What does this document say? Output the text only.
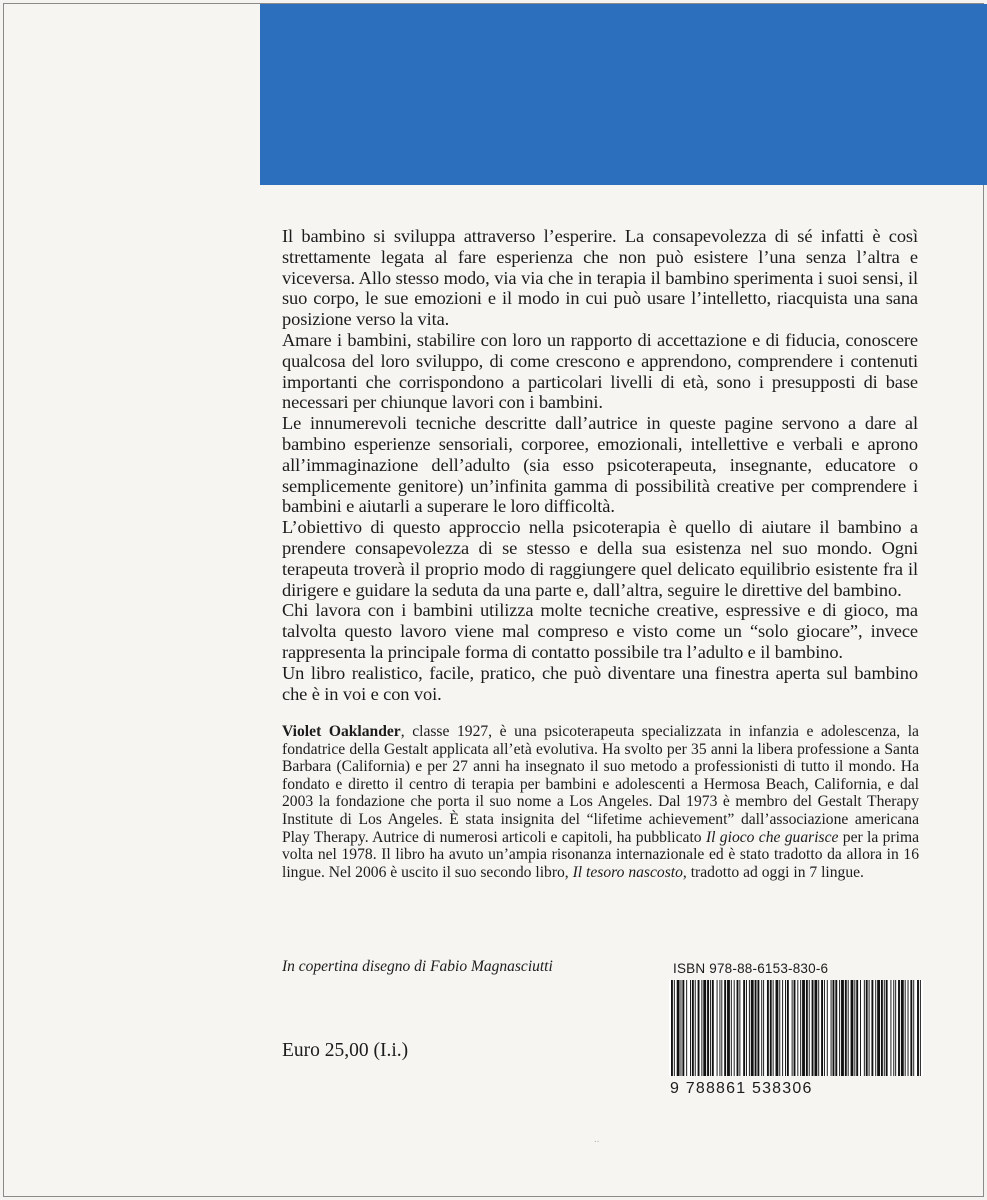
Il bambino si sviluppa attraverso l’esperire. La consapevolezza di sé infatti è così strettamente legata al fare esperienza che non può esistere l’una senza l’altra e viceversa. Allo stesso modo, via via che in terapia il bambino sperimenta i suoi sensi, il suo corpo, le sue emozioni e il modo in cui può usare l’intelletto, riacquista una sana posizione verso la vita.

Amare i bambini, stabilire con loro un rapporto di accettazione e di fiducia, conoscere qualcosa del loro sviluppo, di come crescono e apprendono, comprendere i contenuti importanti che corrispondono a particolari livelli di età, sono i presupposti di base necessari per chiunque lavori con i bambini.

Le innumerevoli tecniche descritte dall’autrice in queste pagine servono a dare al bambino esperienze sensoriali, corporee, emozionali, intellettive e verbali e aprono all’immaginazione dell’adulto (sia esso psicoterapeuta, insegnante, educatore o semplicemente genitore) un’infinita gamma di possibilità creative per comprendere i bambini e aiutarli a superare le loro difficoltà.

L’obiettivo di questo approccio nella psicoterapia è quello di aiutare il bambino a prendere consapevolezza di se stesso e della sua esistenza nel suo mondo. Ogni terapeuta troverà il proprio modo di raggiungere quel delicato equilibrio esistente fra il dirigere e guidare la seduta da una parte e, dall’altra, seguire le direttive del bambino.

Chi lavora con i bambini utilizza molte tecniche creative, espressive e di gioco, ma talvolta questo lavoro viene mal compreso e visto come un “solo giocare”, invece rappresenta la principale forma di contatto possibile tra l’adulto e il bambino.

Un libro realistico, facile, pratico, che può diventare una finestra aperta sul bambino che è in voi e con voi.

Violet Oaklander, classe 1927, è una psicoterapeuta specializzata in infanzia e adolescenza, la fondatrice della Gestalt applicata all’età evolutiva. Ha svolto per 35 anni la libera professione a Santa Barbara (California) e per 27 anni ha insegnato il suo metodo a professionisti di tutto il mondo. Ha fondato e diretto il centro di terapia per bambini e adolescenti a Hermosa Beach, California, e dal 2003 la fondazione che porta il suo nome a Los Angeles. Dal 1973 è membro del Gestalt Therapy Institute di Los Angeles. È stata insignita del “lifetime achievement” dall’associazione americana Play Therapy. Autrice di numerosi articoli e capitoli, ha pubblicato Il gioco che guarisce per la prima volta nel 1978. Il libro ha avuto un’ampia risonanza internazionale ed è stato tradotto da allora in 16 lingue. Nel 2006 è uscito il suo secondo libro, Il tesoro nascosto, tradotto ad oggi in 7 lingue.

In copertina disegno di Fabio Magnasciutti	ISBN 978-88-6153-830-6
9 788861 538306
Euro 25,00 (I.i.)
..
